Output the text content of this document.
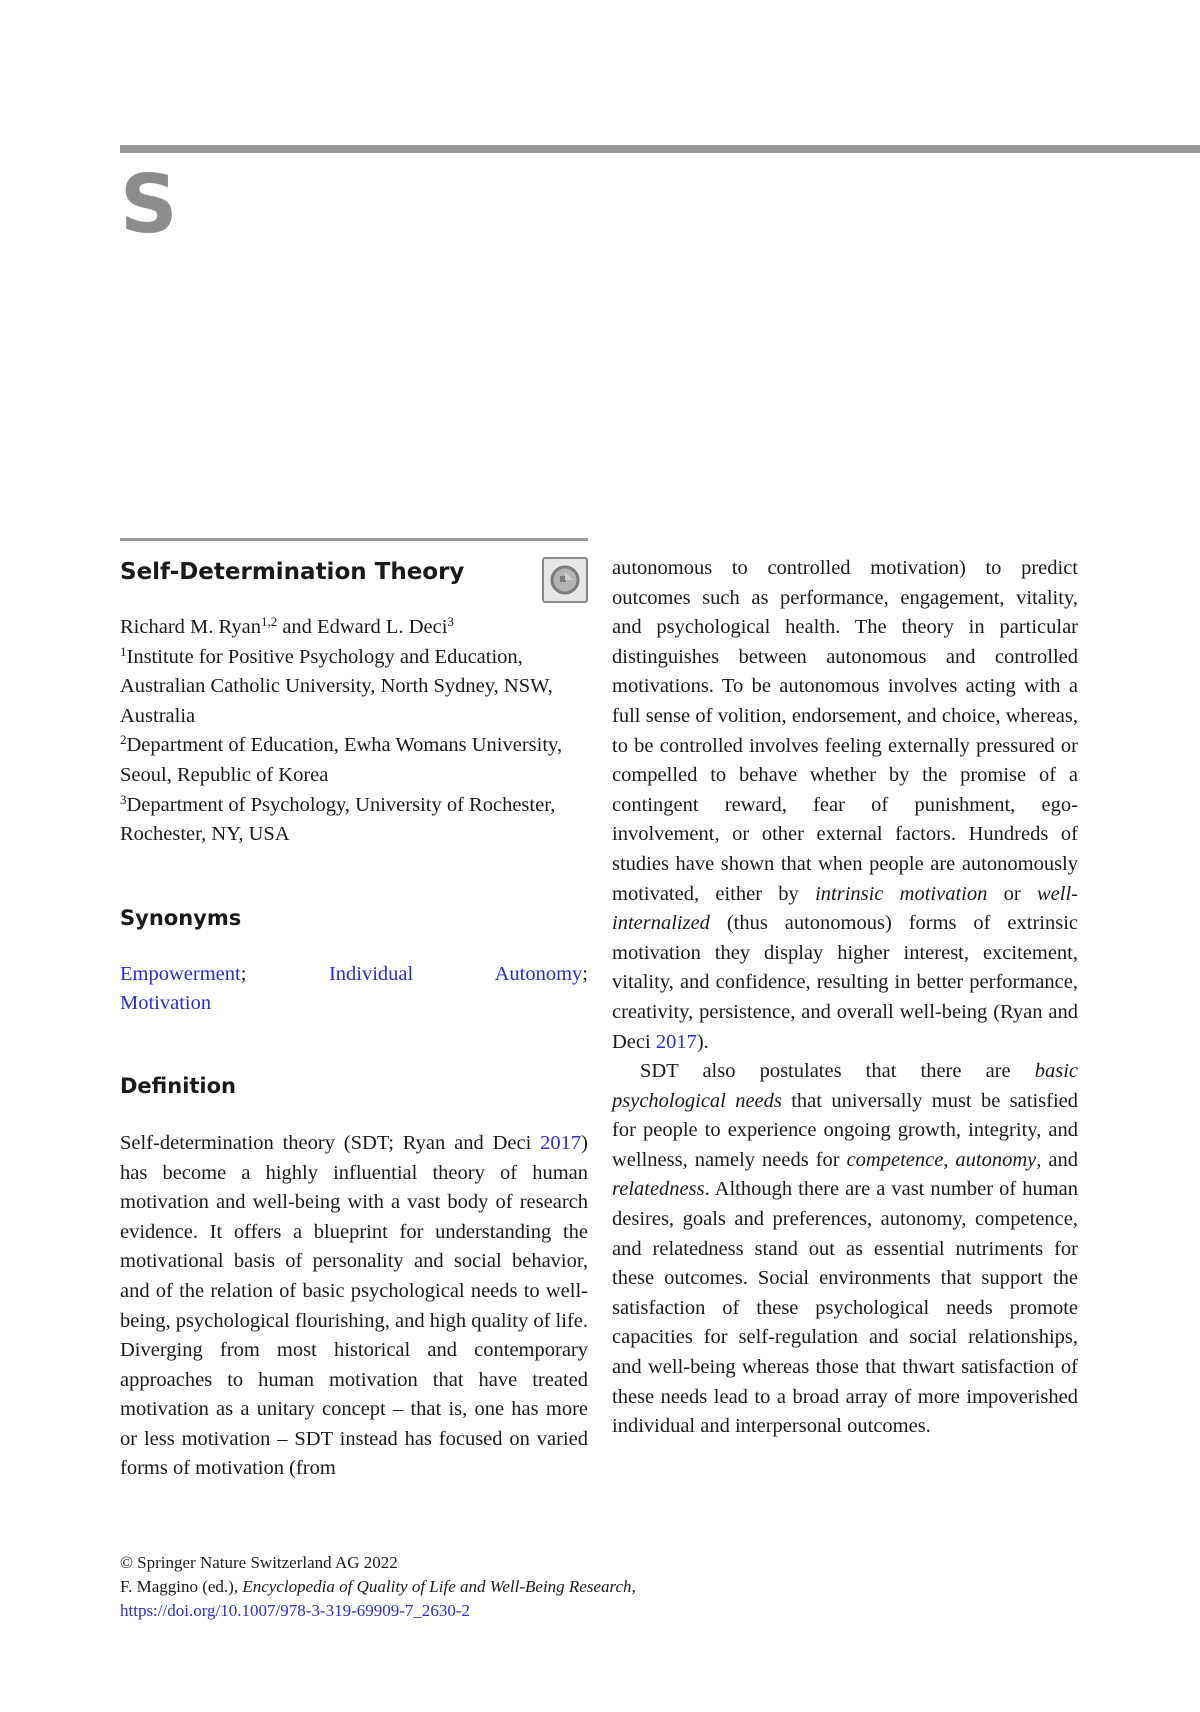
S
Self-Determination Theory

Richard M. Ryan$^{1,2}$ and Edward L. Deci$^3$

$^1$Institute for Positive Psychology and Education, Australian Catholic University, North Sydney, NSW, Australia

$^2$Department of Education, Ewha Womans University, Seoul, Republic of Korea

$^3$Department of Psychology, University of Rochester, Rochester, NY, USA

Synonyms
Empowerment;	Individual Autonomy;
Motivation
Definition
Self-determination theory (SDT; Ryan and Deci 2017) has become a highly influential theory of human motivation and well-being with a vast body of research evidence. It offers a blueprint for understanding the motivational basis of personality and social behavior, and of the relation of basic psychological needs to well-being, psychological flourishing, and high quality of life. Diverging from most historical and contemporary approaches to human motivation that have treated motivation as a unitary concept – that is, one has more or less motivation – SDT instead has focused on varied forms of motivation (from

autonomous to controlled motivation) to predict outcomes such as performance, engagement, vitality, and psychological health. The theory in particular distinguishes between autonomous and controlled motivations. To be autonomous involves acting with a full sense of volition, endorsement, and choice, whereas, to be controlled involves feeling externally pressured or compelled to behave whether by the promise of a contingent reward, fear of punishment, ego-involvement, or other external factors. Hundreds of studies have shown that when people are autonomously motivated, either by intrinsic motivation or well-internalized (thus autonomous) forms of extrinsic motivation they display higher interest, excitement, vitality, and confidence, resulting in better performance, creativity, persistence, and overall well-being (Ryan and Deci 2017).

SDT also postulates that there are basic psychological needs that universally must be satisfied for people to experience ongoing growth, integrity, and wellness, namely needs for competence, autonomy, and relatedness. Although there are a vast number of human desires, goals and preferences, autonomy, competence, and relatedness stand out as essential nutriments for these outcomes. Social environments that support the satisfaction of these psychological needs promote capacities for self-regulation and social relationships, and well-being whereas those that thwart satisfaction of these needs lead to a broad array of more impoverished individual and interpersonal outcomes.

© Springer Nature Switzerland AG 2022

F. Maggino (ed.), Encyclopedia of Quality of Life and Well-Being Research,

https://doi.org/10.1007/978-3-319-69909-7_2630-2
